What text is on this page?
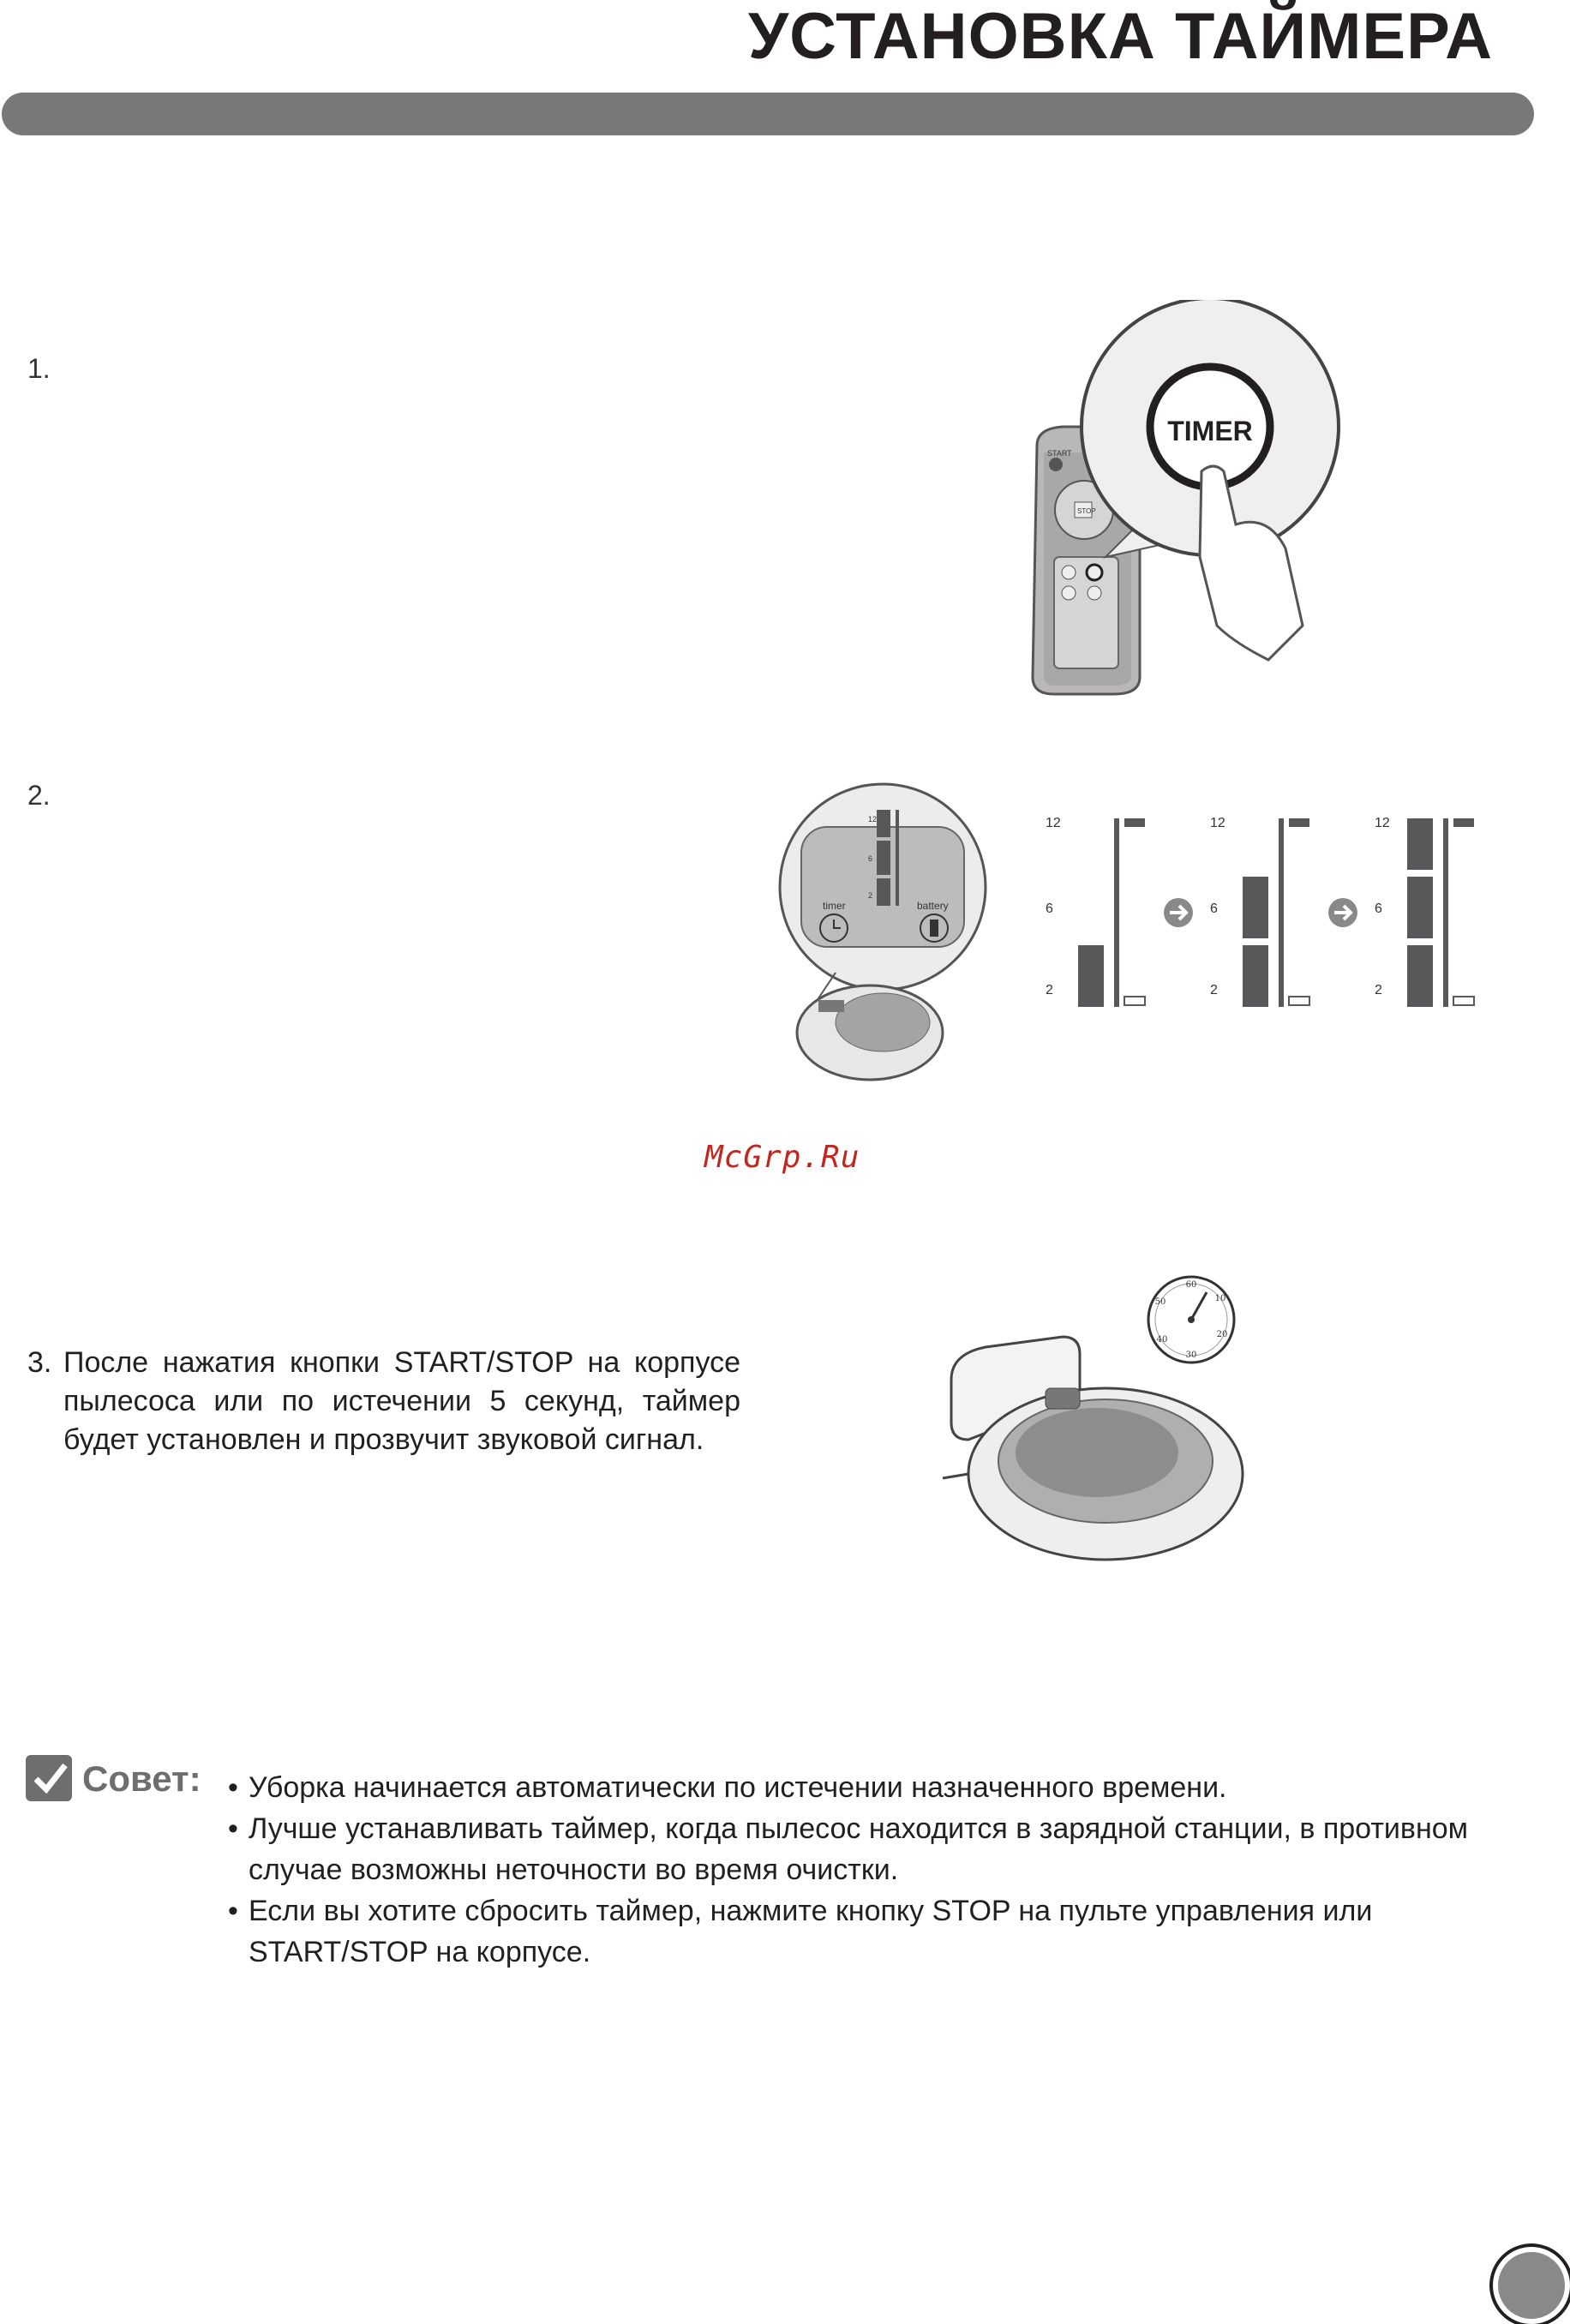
УСТАНОВКА ТАЙМЕРА
1.
2.
START
STOP
TIMER
12
6
2
timer	battery
12
6
2
12
6
2
12
6
2
McGrp.Ru
3. После нажатия кнопки START/STOP на корпусе пылесоса или по истечении 5 секунд, таймер будет установлен и прозвучит звуковой сигнал.
60
10
20
30
40
50
Совет:
•	Уборка начинается автоматически по истечении назначенного времени.
• Лучше устанавливать таймер, когда пылесос находится в зарядной станции, в противном случае возможны неточности во время очистки.
• Если вы хотите сбросить таймер, нажмите кнопку STOP на пульте управления или START/STOP на корпусе.
